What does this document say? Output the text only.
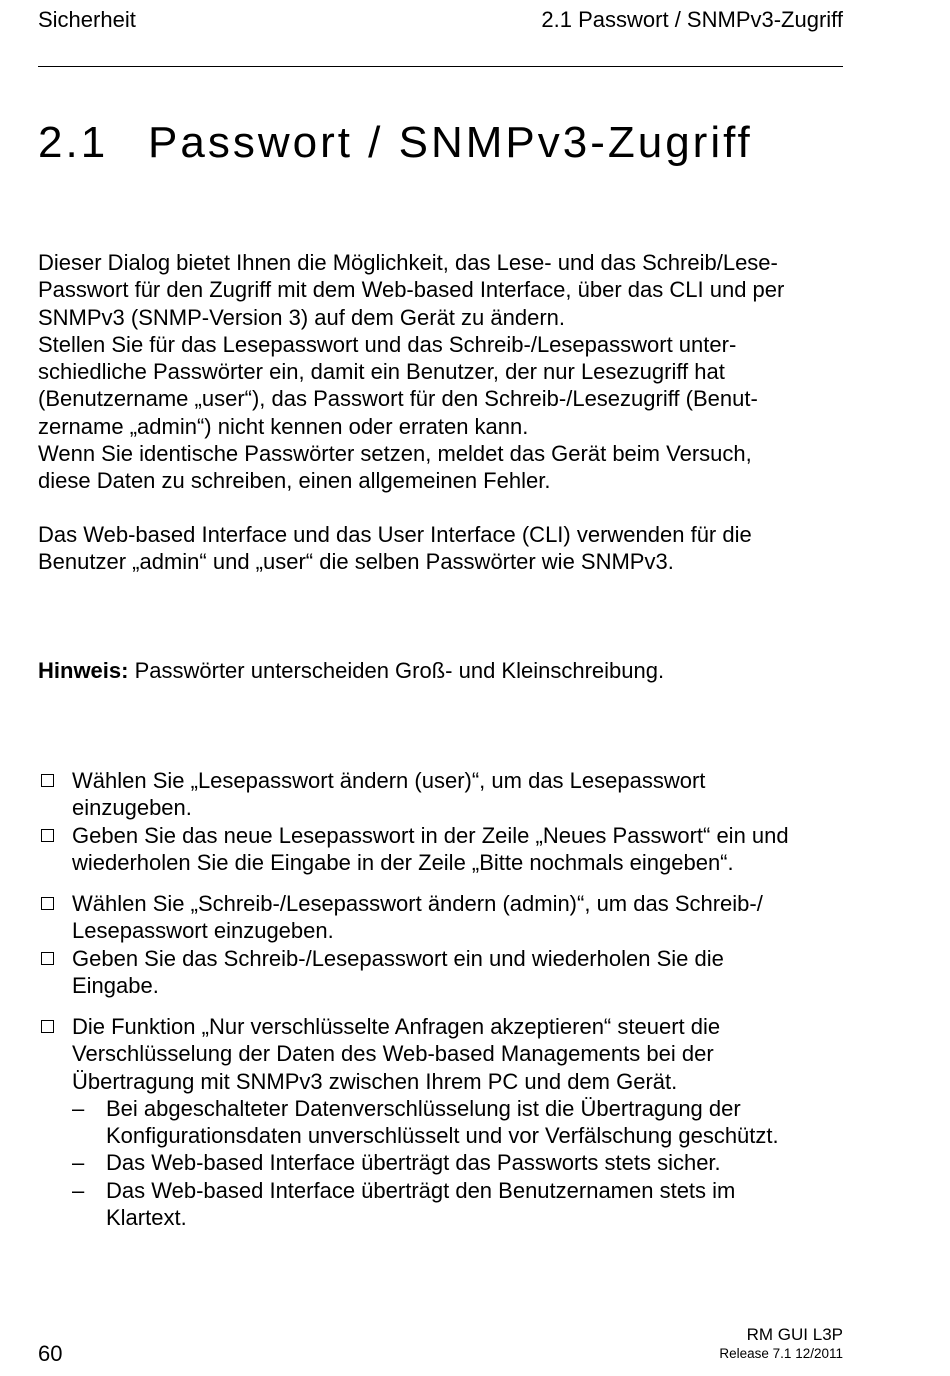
Sicherheit	2.1 Passwort / SNMPv3-Zugriff
2.1 Passwort / SNMPv3-Zugriff

Dieser Dialog bietet Ihnen die Möglichkeit, das Lese- und das Schreib/Lese-

Passwort für den Zugriff mit dem Web-based Interface, über das CLI und per

SNMPv3 (SNMP-Version 3) auf dem Gerät zu ändern.

Stellen Sie für das Lesepasswort und das Schreib-/Lesepasswort unter-

schiedliche Passwörter ein, damit ein Benutzer, der nur Lesezugriff hat

(Benutzername „user“), das Passwort für den Schreib-/Lesezugriff (Benut-

zername „admin“) nicht kennen oder erraten kann.

Wenn Sie identische Passwörter setzen, meldet das Gerät beim Versuch,

diese Daten zu schreiben, einen allgemeinen Fehler.

Das Web-based Interface und das User Interface (CLI) verwenden für die

Benutzer „admin“ und „user“ die selben Passwörter wie SNMPv3.

Hinweis: Passwörter unterscheiden Groß- und Kleinschreibung.
Wählen Sie „Lesepasswort ändern (user)“, um das Lesepasswort
einzugeben.
Geben Sie das neue Lesepasswort in der Zeile „Neues Passwort“ ein und
wiederholen Sie die Eingabe in der Zeile „Bitte nochmals eingeben“.
Wählen Sie „Schreib-/Lesepasswort ändern (admin)“, um das Schreib-/
Lesepasswort einzugeben.
Geben Sie das Schreib-/Lesepasswort ein und wiederholen Sie die
Eingabe.
Die Funktion „Nur verschlüsselte Anfragen akzeptieren“ steuert die
Verschlüsselung der Daten des Web-based Managements bei der
Übertragung mit SNMPv3 zwischen Ihrem PC und dem Gerät.
– Bei abgeschalteter Datenverschlüsselung ist die Übertragung der
Konfigurationsdaten unverschlüsselt und vor Verfälschung geschützt.
– Das Web-based Interface überträgt das Passworts stets sicher.
– Das Web-based Interface überträgt den Benutzernamen stets im
Klartext.
60
RM GUI L3P
Release 7.1 12/2011
